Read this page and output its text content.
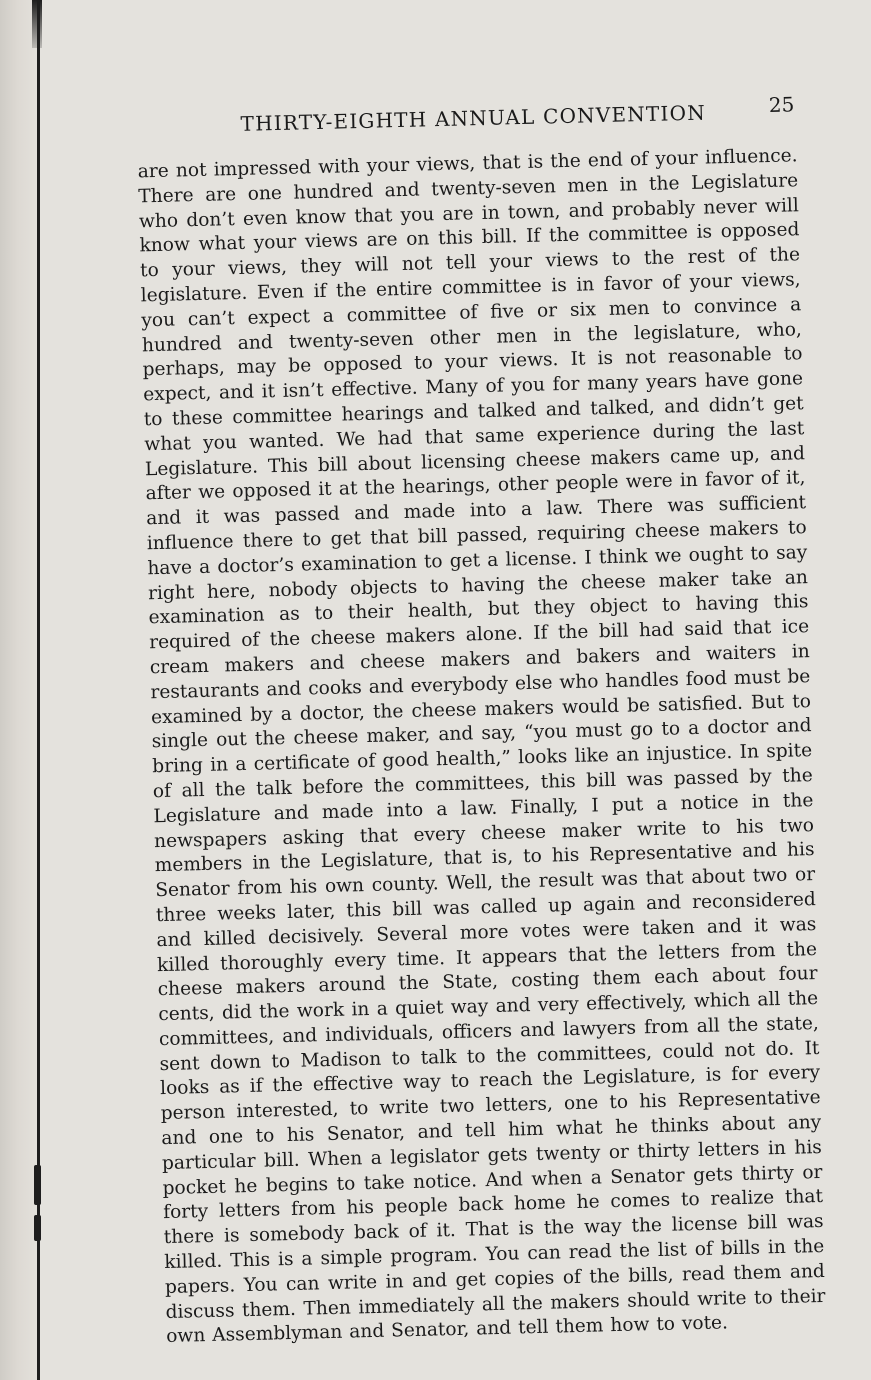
THIRTY-EIGHTH ANNUAL CONVENTION	25

are not impressed with your views, that is the end of your influence. There are one hundred and twenty-seven men in the Legislature who don’t even know that you are in town, and probably never will know what your views are on this bill. If the committee is opposed to your views, they will not tell your views to the rest of the legislature. Even if the entire committee is in favor of your views, you can’t expect a committee of five or six men to convince a hundred and twenty-seven other men in the legislature, who, perhaps, may be opposed to your views. It is not reasonable to expect, and it isn’t effective. Many of you for many years have gone to these committee hearings and talked and talked, and didn’t get what you wanted. We had that same experience during the last Legislature. This bill about licensing cheese makers came up, and after we opposed it at the hearings, other people were in favor of it, and it was passed and made into a law. There was sufficient influence there to get that bill passed, requiring cheese makers to have a doctor’s examination to get a license. I think we ought to say right here, nobody objects to having the cheese maker take an examination as to their health, but they object to having this required of the cheese makers alone. If the bill had said that ice cream makers and cheese makers and bakers and waiters in restaurants and cooks and everybody else who handles food must be examined by a doctor, the cheese makers would be satisfied. But to single out the cheese maker, and say, “you must go to a doctor and bring in a certificate of good health,” looks like an injustice. In spite of all the talk before the committees, this bill was passed by the Legislature and made into a law. Finally, I put a notice in the newspapers asking that every cheese maker write to his two members in the Legislature, that is, to his Representative and his Senator from his own county. Well, the result was that about two or three weeks later, this bill was called up again and reconsidered and killed decisively. Several more votes were taken and it was killed thoroughly every time. It appears that the letters from the cheese makers around the State, costing them each about four cents, did the work in a quiet way and very effectively, which all the committees, and individuals, officers and lawyers from all the state, sent down to Madison to talk to the committees, could not do. It looks as if the effective way to reach the Legislature, is for every person interested, to write two letters, one to his Representative and one to his Senator, and tell him what he thinks about any particular bill. When a legislator gets twenty or thirty letters in his pocket he begins to take notice. And when a Senator gets thirty or forty letters from his people back home he comes to realize that there is somebody back of it. That is the way the license bill was killed. This is a simple program. You can read the list of bills in the papers. You can write in and get copies of the bills, read them and discuss them. Then immediately all the makers should write to their own Assemblyman and Senator, and tell them how to vote.
